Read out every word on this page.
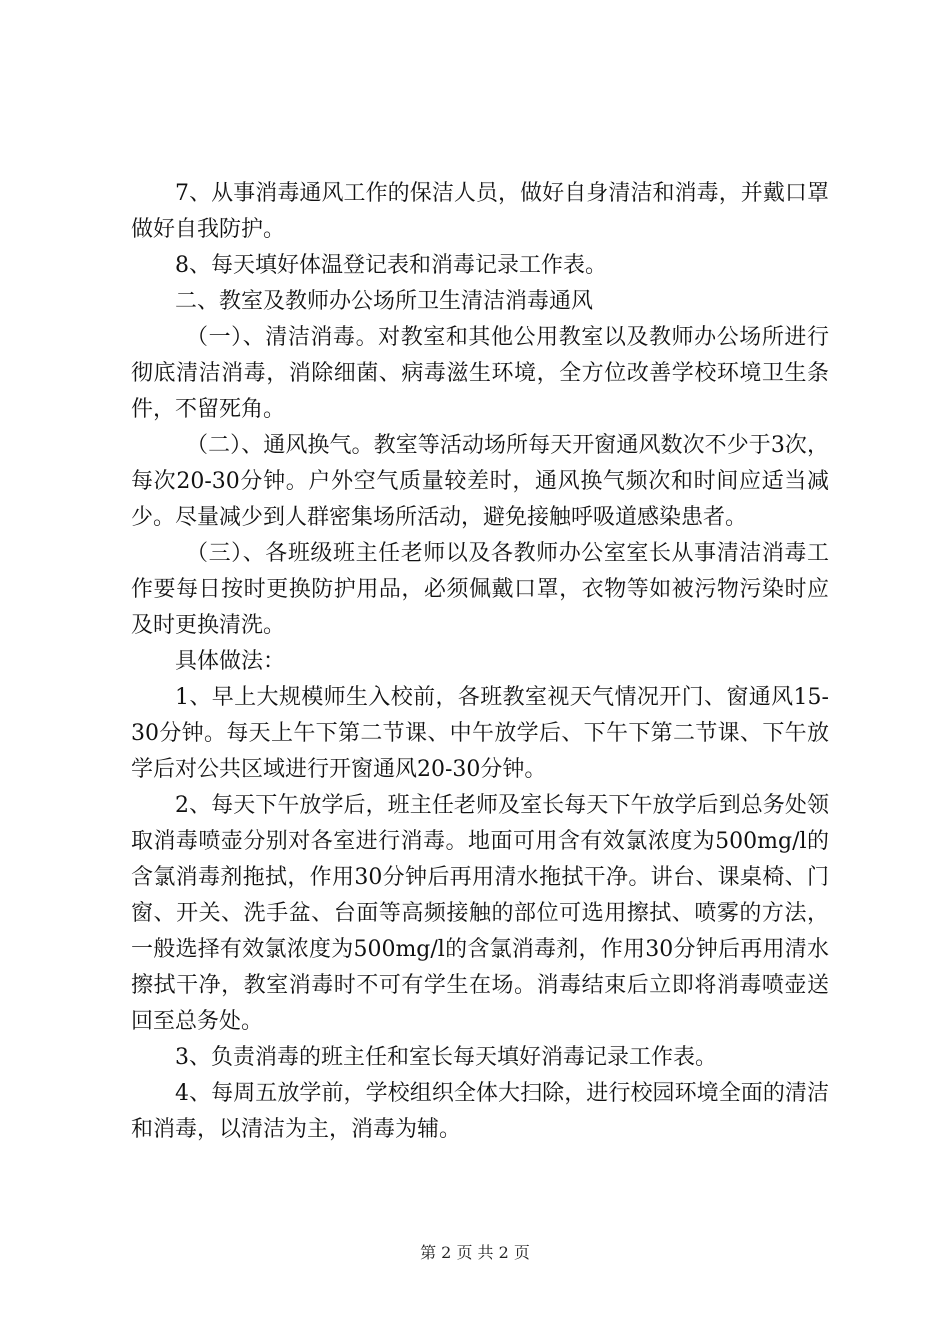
7、从事消毒通风工作的保洁人员，做好自身清洁和消毒，并戴口罩做好自我防护。

8、每天填好体温登记表和消毒记录工作表。

二、教室及教师办公场所卫生清洁消毒通风

（一）、清洁消毒。对教室和其他公用教室以及教师办公场所进行彻底清洁消毒，消除细菌、病毒滋生环境，全方位改善学校环境卫生条件，不留死角。

（二）、通风换气。教室等活动场所每天开窗通风数次不少于3次，每次20-30分钟。户外空气质量较差时，通风换气频次和时间应适当减少。尽量减少到人群密集场所活动，避免接触呼吸道感染患者。

（三）、各班级班主任老师以及各教师办公室室长从事清洁消毒工作要每日按时更换防护用品，必须佩戴口罩，衣物等如被污物污染时应及时更换清洗。

具体做法：

1、早上大规模师生入校前，各班教室视天气情况开门、窗通风15-30分钟。每天上午下第二节课、中午放学后、下午下第二节课、下午放学后对公共区域进行开窗通风20-30分钟。

2、每天下午放学后，班主任老师及室长每天下午放学后到总务处领取消毒喷壶分别对各室进行消毒。地面可用含有效氯浓度为500mg/l的含氯消毒剂拖拭，作用30分钟后再用清水拖拭干净。讲台、课桌椅、门窗、开关、洗手盆、台面等高频接触的部位可选用擦拭、喷雾的方法，一般选择有效氯浓度为500mg/l的含氯消毒剂，作用30分钟后再用清水擦拭干净，教室消毒时不可有学生在场。消毒结束后立即将消毒喷壶送回至总务处。

3、负责消毒的班主任和室长每天填好消毒记录工作表。

4、每周五放学前，学校组织全体大扫除，进行校园环境全面的清洁和消毒，以清洁为主，消毒为辅。

第 2 页 共 2 页
